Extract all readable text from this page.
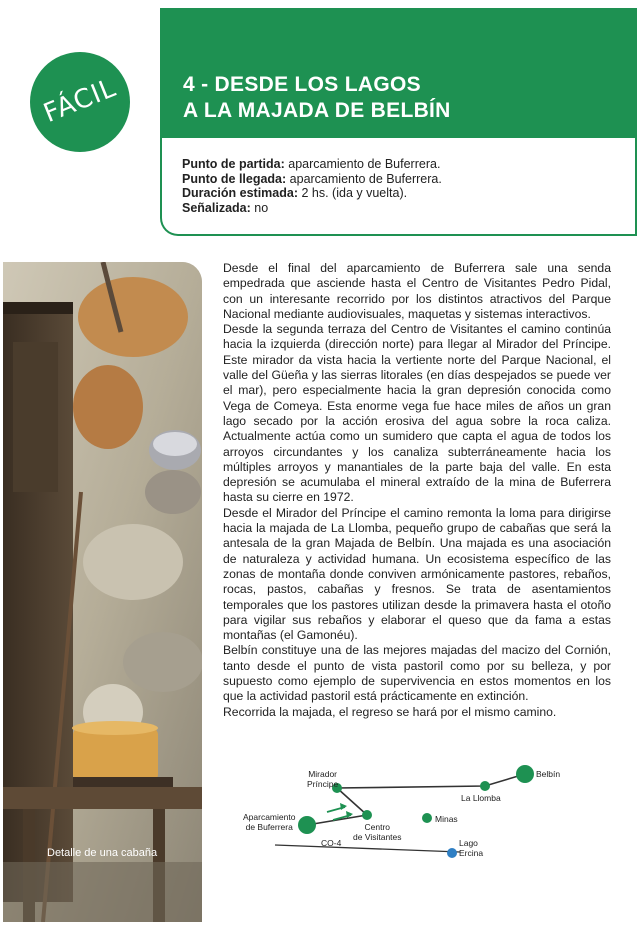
4 - DESDE LOS LAGOS
A LA MAJADA DE BELBÍN
FÁCIL
Punto de partida: aparcamiento de Buferrera.
Punto de llegada: aparcamiento de Buferrera.
Duración estimada: 2 hs. (ida y vuelta).
Señalizada: no
Detalle de una cabaña

Desde el final del aparcamiento de Buferrera sale una senda empedrada que asciende hasta el Centro de Visitantes Pedro Pidal, con un interesante recorrido por los distintos atractivos del Parque Nacional mediante audiovisuales, maquetas y sistemas interactivos.

Desde la segunda terraza del Centro de Visitantes el camino continúa hacia la izquierda (dirección norte) para llegar al Mirador del Príncipe. Este mirador da vista hacia la vertiente norte del Parque Nacional, el valle del Güeña y las sierras litorales (en días despejados se puede ver el mar), pero especialmente hacia la gran depresión conocida como Vega de Comeya. Esta enorme vega fue hace miles de años un gran lago secado por la acción erosiva del agua sobre la roca caliza. Actualmente actúa como un sumidero que capta el agua de todos los arroyos circundantes y los canaliza subterráneamente hacia los múltiples arroyos y manantiales de la parte baja del valle. En esta depresión se acumulaba el mineral extraído de la mina de Buferrera hasta su cierre en 1972.

Desde el Mirador del Príncipe el camino remonta la loma para dirigirse hacia la majada de La Llomba, pequeño grupo de cabañas que será la antesala de la gran Majada de Belbín. Una majada es una asociación de naturaleza y actividad humana. Un ecosistema específico de las zonas de montaña donde conviven armónicamente pastores, rebaños, rocas, pastos, cabañas y fresnos. Se trata de asentamientos temporales que los pastores utilizan desde la primavera hasta el otoño para vigilar sus rebaños y elaborar el queso que da fama a estas montañas (el Gamonéu).

Belbín constituye una de las mejores majadas del macizo del Cornión, tanto desde el punto de vista pastoril como por su belleza, y por supuesto como ejemplo de supervivencia en estos momentos en los que la actividad pastoril está prácticamente en extinción.

Recorrida la majada, el regreso se hará por el mismo camino.

Mirador
Príncipe
Aparcamiento
de Buferrera	Centro
de Visitantes
CO-4
Minas
La Llomba
Belbín
Lago
Ercina
